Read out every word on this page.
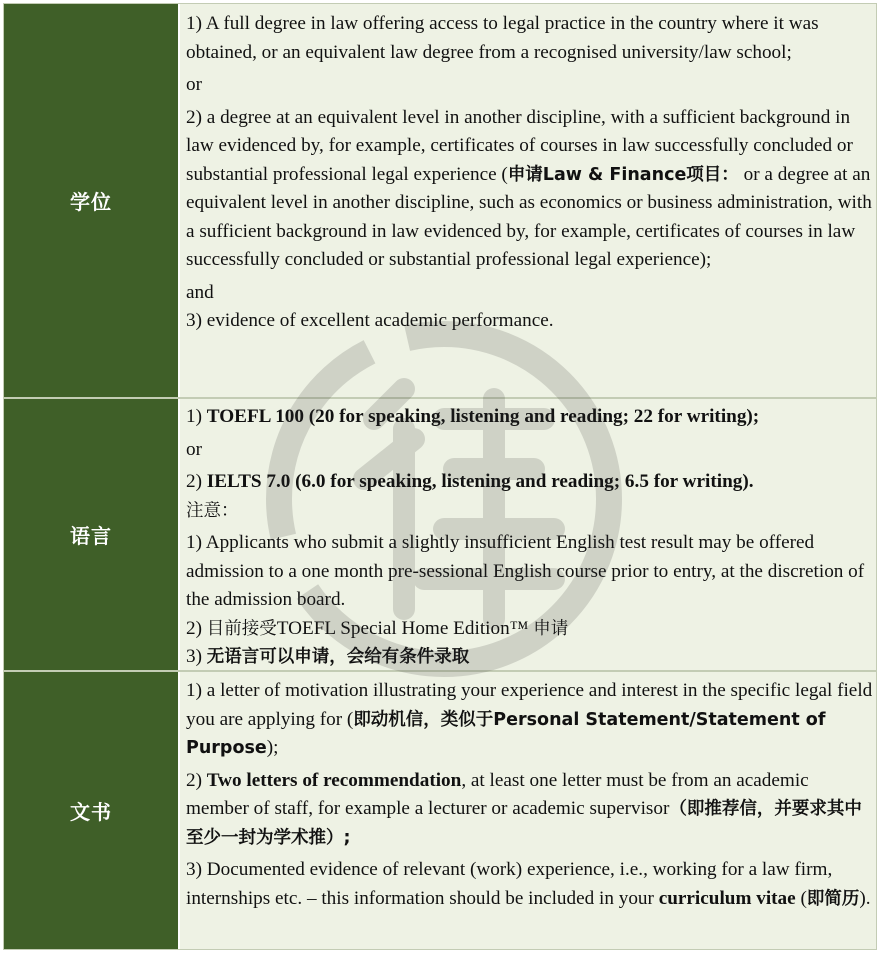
学位

1) A full degree in law offering access to legal practice in the country where it was obtained, or an equivalent law degree from a recognised university/law school;

or

2) a degree at an equivalent level in another discipline, with a sufficient background in law evidenced by, for example, certificates of courses in law successfully concluded or substantial professional legal experience (申请Law & Finance项目： or a degree at an equivalent level in another discipline, such as economics or business administration, with a sufficient background in law evidenced by, for example, certificates of courses in law successfully concluded or substantial professional legal experience);

and

3) evidence of excellent academic performance.

语言

1) TOEFL 100 (20 for speaking, listening and reading; 22 for writing);

or

2) IELTS 7.0 (6.0 for speaking, listening and reading; 6.5 for writing).

注意：

1) Applicants who submit a slightly insufficient English test result may be offered admission to a one month pre-sessional English course prior to entry, at the discretion of the admission board.

2) 目前接受TOEFL Special Home Edition™ 申请

3) 无语言可以申请，会给有条件录取

文书

1) a letter of motivation illustrating your experience and interest in the specific legal field you are applying for (即动机信，类似于Personal Statement/Statement of Purpose);

2) Two letters of recommendation, at least one letter must be from an academic member of staff, for example a lecturer or academic supervisor（即推荐信，并要求其中至少一封为学术推）;

3) Documented evidence of relevant (work) experience, i.e., working for a law firm, internships etc. – this information should be included in your curriculum vitae (即简历).
